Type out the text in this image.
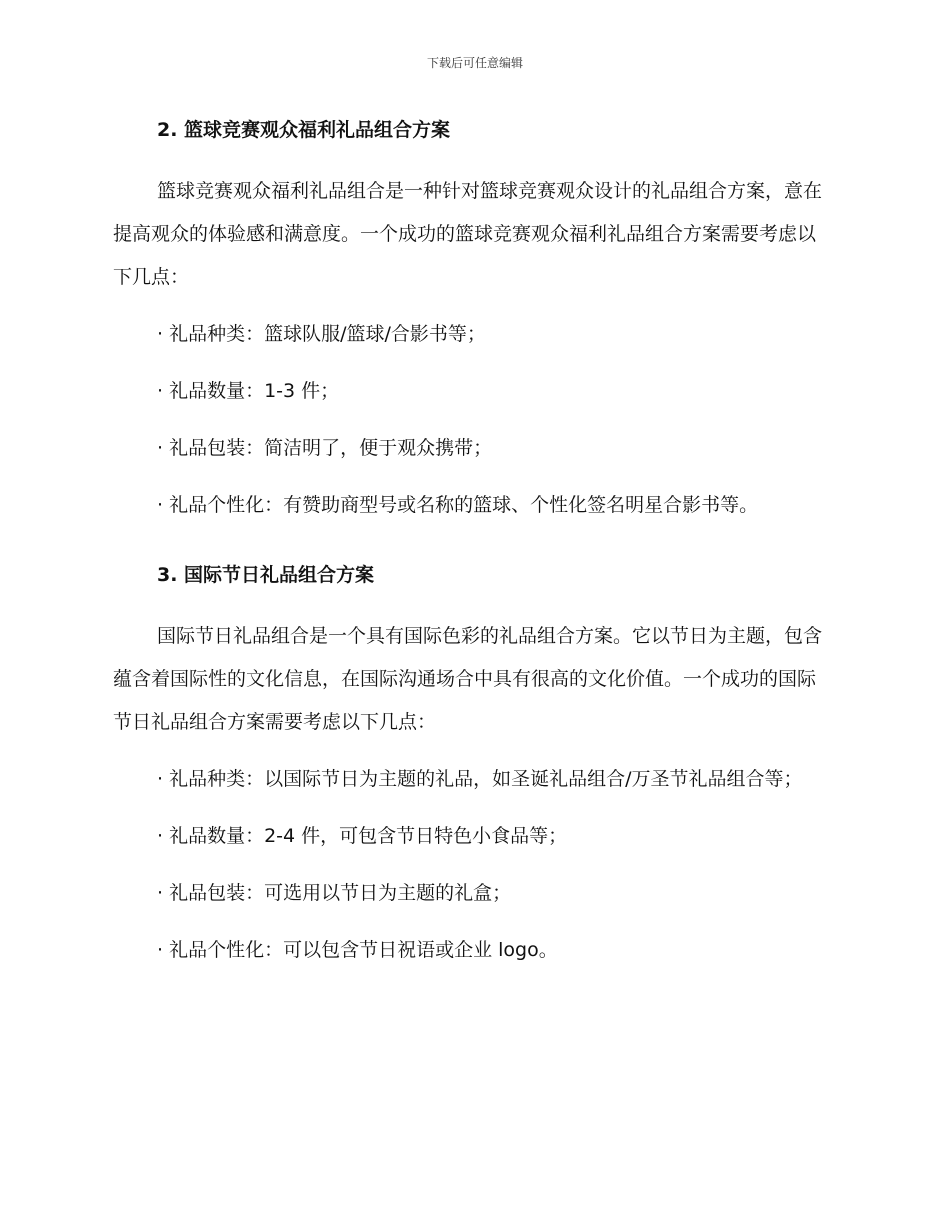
下载后可任意编辑
2. 篮球竞赛观众福利礼品组合方案

篮球竞赛观众福利礼品组合是一种针对篮球竞赛观众设计的礼品组合方案，意在提高观众的体验感和满意度。一个成功的篮球竞赛观众福利礼品组合方案需要考虑以下几点：

· 礼品种类：篮球队服/篮球/合影书等；

· 礼品数量：1-3 件；

· 礼品包装：简洁明了，便于观众携带；

· 礼品个性化：有赞助商型号或名称的篮球、个性化签名明星合影书等。

3. 国际节日礼品组合方案

国际节日礼品组合是一个具有国际色彩的礼品组合方案。它以节日为主题，包含蕴含着国际性的文化信息，在国际沟通场合中具有很高的文化价值。一个成功的国际节日礼品组合方案需要考虑以下几点：

· 礼品种类：以国际节日为主题的礼品，如圣诞礼品组合/万圣节礼品组合等；

· 礼品数量：2-4 件，可包含节日特色小食品等；

· 礼品包装：可选用以节日为主题的礼盒；

· 礼品个性化：可以包含节日祝语或企业 logo。
